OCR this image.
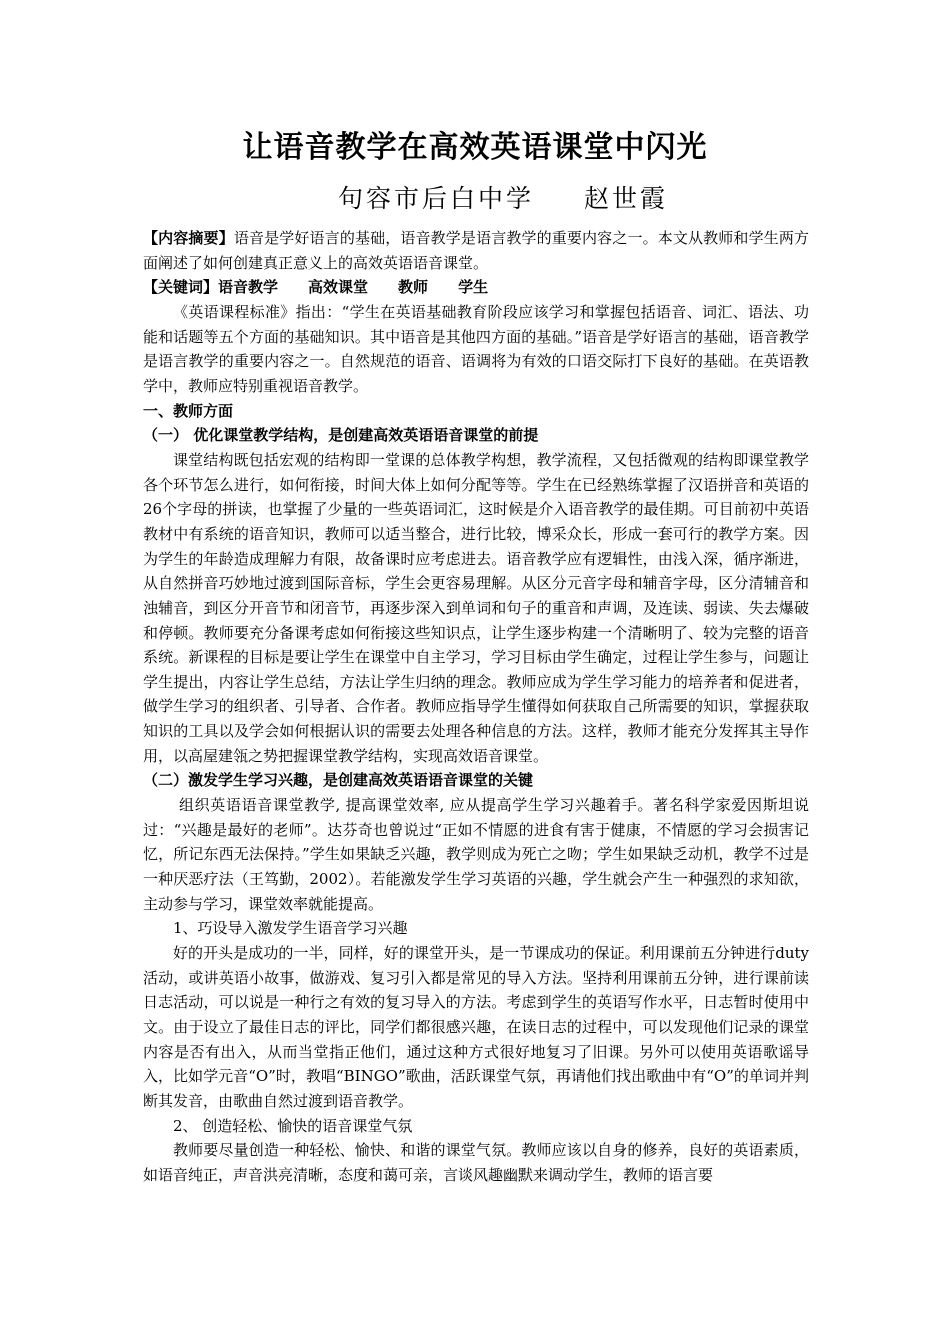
让语音教学在高效英语课堂中闪光
句容市后白中学 赵世霞

【内容摘要】语音是学好语言的基础，语音教学是语言教学的重要内容之一。本文从教师和学生两方面阐述了如何创建真正意义上的高效英语语音课堂。

【关键词】语音教学 高效课堂 教师 学生

《英语课程标准》指出：“学生在英语基础教育阶段应该学习和掌握包括语音、词汇、语法、功能和话题等五个方面的基础知识。其中语音是其他四方面的基础。”语音是学好语言的基础，语音教学是语言教学的重要内容之一。自然规范的语音、语调将为有效的口语交际打下良好的基础。在英语教学中，教师应特别重视语音教学。

一、教师方面

（一） 优化课堂教学结构，是创建高效英语语音课堂的前提

课堂结构既包括宏观的结构即一堂课的总体教学构想，教学流程，又包括微观的结构即课堂教学各个环节怎么进行，如何衔接，时间大体上如何分配等等。学生在已经熟练掌握了汉语拼音和英语的26个字母的拼读，也掌握了少量的一些英语词汇，这时候是介入语音教学的最佳期。可目前初中英语教材中有系统的语音知识，教师可以适当整合，进行比较，博采众长，形成一套可行的教学方案。因为学生的年龄造成理解力有限，故备课时应考虑进去。语音教学应有逻辑性，由浅入深，循序渐进，从自然拼音巧妙地过渡到国际音标，学生会更容易理解。从区分元音字母和辅音字母，区分清辅音和浊辅音，到区分开音节和闭音节，再逐步深入到单词和句子的重音和声调，及连读、弱读、失去爆破和停顿。教师要充分备课考虑如何衔接这些知识点，让学生逐步构建一个清晰明了、较为完整的语音系统。新课程的目标是要让学生在课堂中自主学习，学习目标由学生确定，过程让学生参与，问题让学生提出，内容让学生总结，方法让学生归纳的理念。教师应成为学生学习能力的培养者和促进者，做学生学习的组织者、引导者、合作者。教师应指导学生懂得如何获取自己所需要的知识，掌握获取知识的工具以及学会如何根据认识的需要去处理各种信息的方法。这样，教师才能充分发挥其主导作用，以高屋建瓴之势把握课堂教学结构，实现高效语音课堂。

（二）激发学生学习兴趣，是创建高效英语语音课堂的关键

组织英语语音课堂教学, 提高课堂效率, 应从提高学生学习兴趣着手。著名科学家爱因斯坦说过：“兴趣是最好的老师”。达芬奇也曾说过“正如不情愿的进食有害于健康，不情愿的学习会损害记忆，所记东西无法保持。”学生如果缺乏兴趣，教学则成为死亡之吻；学生如果缺乏动机，教学不过是一种厌恶疗法（王笃勤，2002）。若能激发学生学习英语的兴趣，学生就会产生一种强烈的求知欲，主动参与学习，课堂效率就能提高。

1、巧设导入激发学生语音学习兴趣

好的开头是成功的一半，同样，好的课堂开头，是一节课成功的保证。利用课前五分钟进行duty活动，或讲英语小故事，做游戏、复习引入都是常见的导入方法。坚持利用课前五分钟，进行课前读日志活动，可以说是一种行之有效的复习导入的方法。考虑到学生的英语写作水平，日志暂时使用中文。由于设立了最佳日志的评比，同学们都很感兴趣，在读日志的过程中，可以发现他们记录的课堂内容是否有出入，从而当堂指正他们，通过这种方式很好地复习了旧课。另外可以使用英语歌谣导入，比如学元音“O”时，教唱“BINGO”歌曲，活跃课堂气氛，再请他们找出歌曲中有“O”的单词并判断其发音，由歌曲自然过渡到语音教学。

2、 创造轻松、愉快的语音课堂气氛

教师要尽量创造一种轻松、愉快、和谐的课堂气氛。教师应该以自身的修养，良好的英语素质，如语音纯正，声音洪亮清晰，态度和蔼可亲，言谈风趣幽默来调动学生，教师的语言要
